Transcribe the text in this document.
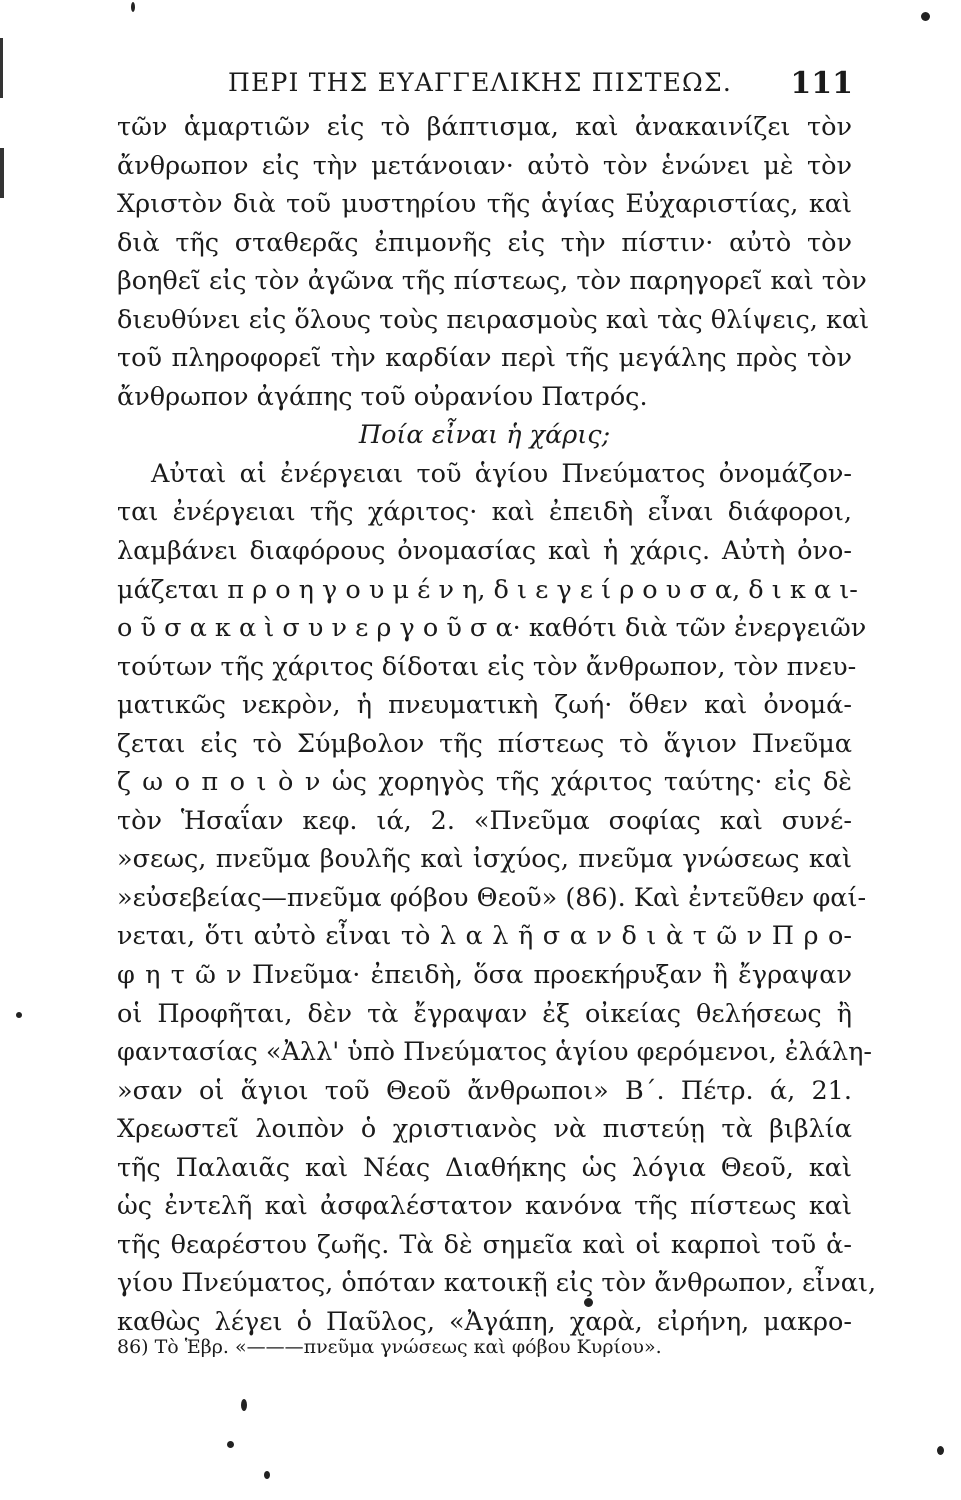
ΠΕΡΙ ΤΗΣ ΕΥΑΓΓΕΛΙΚΗΣ ΠΙΣΤΕΩΣ. 111
τῶν ἁμαρτιῶν εἰς τὸ βάπτισμα, καὶ ἀνακαινίζει τὸν
ἄνθρωπον εἰς τὴν μετάνοιαν· αὐτὸ τὸν ἑνώνει μὲ τὸν
Χριστὸν διὰ τοῦ μυστηρίου τῆς ἁγίας Εὐχαριστίας, καὶ
διὰ τῆς σταθερᾶς ἐπιμονῆς εἰς τὴν πίστιν· αὐτὸ τὸν
βοηθεῖ εἰς τὸν ἀγῶνα τῆς πίστεως, τὸν παρηγορεῖ καὶ τὸν
διευθύνει εἰς ὅλους τοὺς πειρασμοὺς καὶ τὰς θλίψεις, καὶ
τοῦ πληροφορεῖ τὴν καρδίαν περὶ τῆς μεγάλης πρὸς τὸν
ἄνθρωπον ἀγάπης τοῦ οὐρανίου Πατρός.
Ποία εἶναι ἡ χάρις;
Αὐταὶ αἱ ἐνέργειαι τοῦ ἁγίου Πνεύματος ὀνομάζον-
ται ἐνέργειαι τῆς χάριτος· καὶ ἐπειδὴ εἶναι διάφοροι,
λαμβάνει διαφόρους ὀνομασίας καὶ ἡ χάρις. Αὐτὴ ὀνο-
μάζεται π ρ ο η γ ο υ μ έ ν η, δ ι ε γ ε ί ρ ο υ σ α, δ ι κ α ι-
ο ῦ σ α κ α ὶ σ υ ν ε ρ γ ο ῦ σ α· καθότι διὰ τῶν ἐνεργειῶν
τούτων τῆς χάριτος δίδοται εἰς τὸν ἄνθρωπον, τὸν πνευ-
ματικῶς νεκρὸν, ἡ πνευματικὴ ζωή· ὅθεν καὶ ὀνομά-
ζεται εἰς τὸ Σύμβολον τῆς πίστεως τὸ ἅγιον Πνεῦμα
ζ ω ο π ο ι ὸ ν ὡς χορηγὸς τῆς χάριτος ταύτης· εἰς δὲ
τὸν Ἡσαΐαν κεφ. ιά, 2. «Πνεῦμα σοφίας καὶ συνέ-
»σεως, πνεῦμα βουλῆς καὶ ἰσχύος, πνεῦμα γνώσεως καὶ
»εὐσεβείας—πνεῦμα φόβου Θεοῦ» (86). Καὶ ἐντεῦθεν φαί-
νεται, ὅτι αὐτὸ εἶναι τὸ λ α λ ῆ σ α ν δ ι ὰ τ ῶ ν Π ρ ο-
φ η τ ῶ ν Πνεῦμα· ἐπειδὴ, ὅσα προεκήρυξαν ἢ ἔγραψαν
οἱ Προφῆται, δὲν τὰ ἔγραψαν ἐξ οἰκείας θελήσεως ἢ
φαντασίας «Ἀλλ' ὑπὸ Πνεύματος ἁγίου φερόμενοι, ἐλάλη-
»σαν οἱ ἅγιοι τοῦ Θεοῦ ἄνθρωποι» Β΄. Πέτρ. ά, 21.
Χρεωστεῖ λοιπὸν ὁ χριστιανὸς νὰ πιστεύῃ τὰ βιβλία
τῆς Παλαιᾶς καὶ Νέας Διαθήκης ὡς λόγια Θεοῦ, καὶ
ὡς ἐντελῆ καὶ ἀσφαλέστατον κανόνα τῆς πίστεως καὶ
τῆς θεαρέστου ζωῆς. Τὰ δὲ σημεῖα καὶ οἱ καρποὶ τοῦ ἁ-
γίου Πνεύματος, ὁπόταν κατοικῇ εἰς τὸν ἄνθρωπον, εἶναι,
καθὼς λέγει ὁ Παῦλος, «Ἀγάπη, χαρὰ, εἰρήνη, μακρο-
86) Τὸ Ἑβρ. «———πνεῦμα γνώσεως καὶ φόβου Κυρίου».
